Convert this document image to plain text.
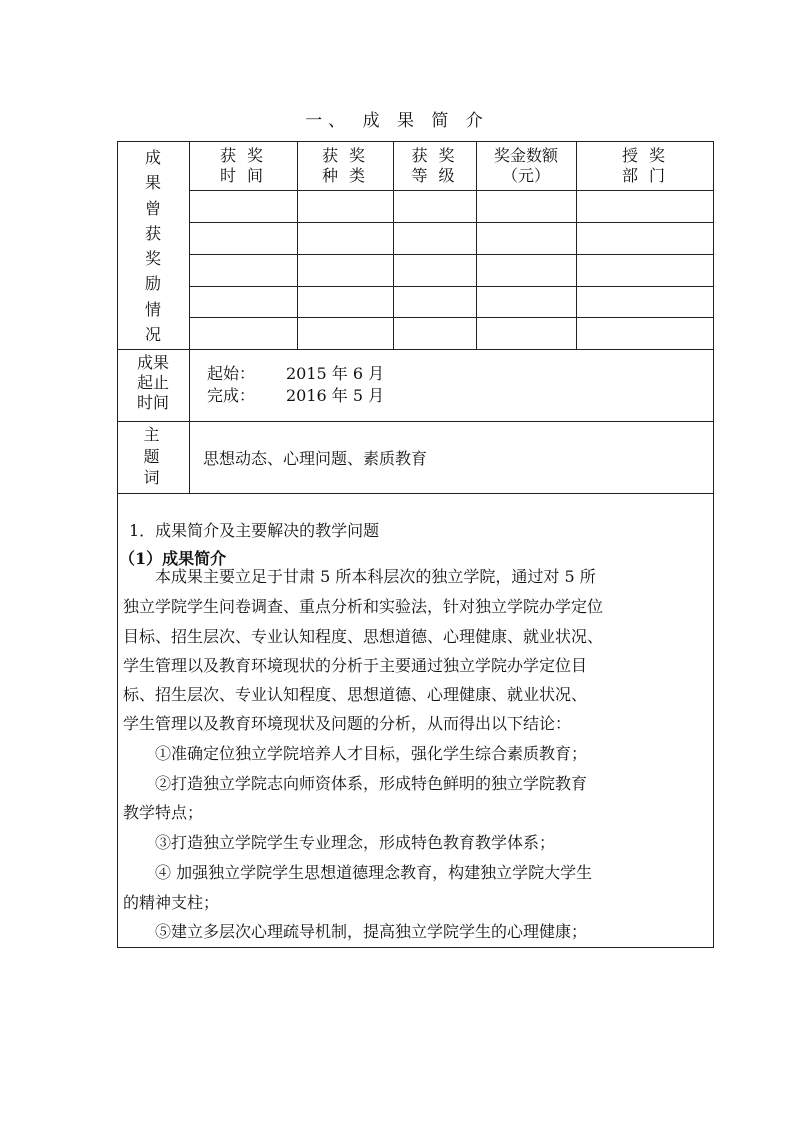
一、 成 果 简 介
成
果
曾
获
奖
励
情
况
获 奖
时 间
获 奖
种 类
获 奖
等 级
奖金数额
（元）
授 奖
部 门
成果
起止
时间
起始： 2015 年 6 月
完成： 2016 年 5 月
主
题
词
思想动态、心理问题、素质教育
1．成果简介及主要解决的教学问题
（1）成果简介
　　本成果主要立足于甘肃 5 所本科层次的独立学院，通过对 5 所
独立学院学生问卷调查、重点分析和实验法，针对独立学院办学定位
目标、招生层次、专业认知程度、思想道德、心理健康、就业状况、
学生管理以及教育环境现状的分析于主要通过独立学院办学定位目
标、招生层次、专业认知程度、思想道德、心理健康、就业状况、
学生管理以及教育环境现状及问题的分析，从而得出以下结论：
　　①准确定位独立学院培养人才目标，强化学生综合素质教育；
　　②打造独立学院志向师资体系，形成特色鲜明的独立学院教育
教学特点；
　　③打造独立学院学生专业理念，形成特色教育教学体系；
　　④ 加强独立学院学生思想道德理念教育，构建独立学院大学生
的精神支柱；
　　⑤建立多层次心理疏导机制，提高独立学院学生的心理健康；
